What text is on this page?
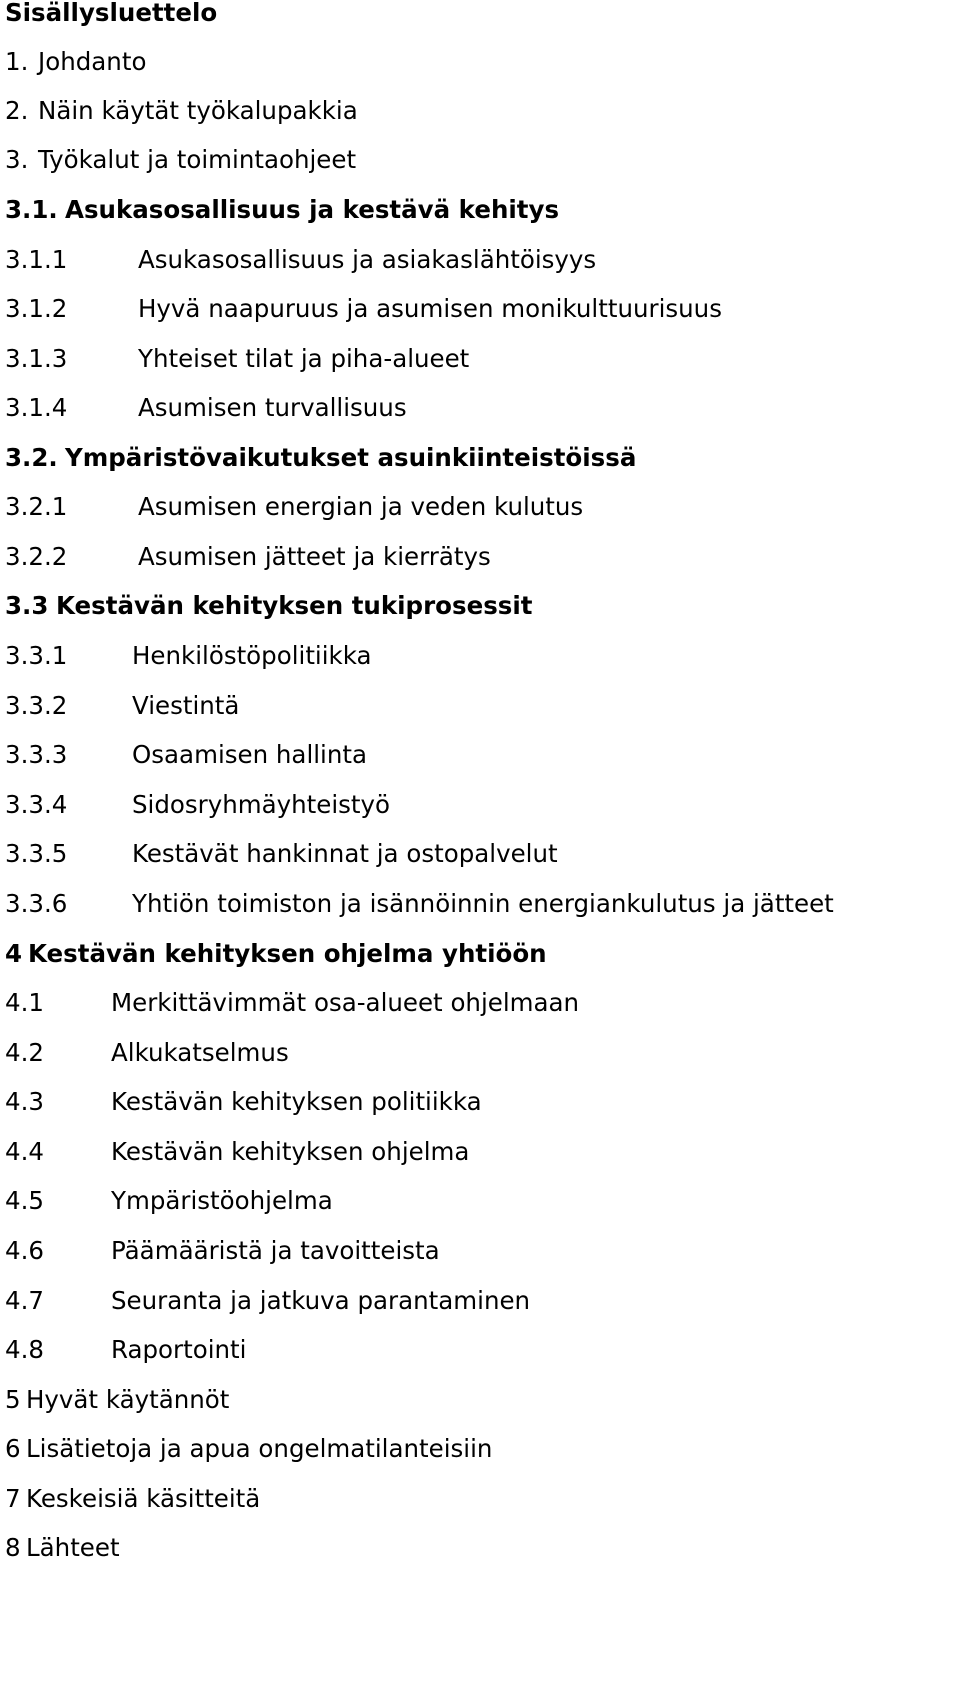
Sisällysluettelo
1. Johdanto
2. Näin käytät työkalupakkia
3. Työkalut ja toimintaohjeet
3.1. Asukasosallisuus ja kestävä kehitys
3.1.1	Asukasosallisuus ja asiakaslähtöisyys
3.1.2	Hyvä naapuruus ja asumisen monikulttuurisuus
3.1.3	Yhteiset tilat ja piha-alueet
3.1.4	Asumisen turvallisuus
3.2. Ympäristövaikutukset asuinkiinteistöissä
3.2.1	Asumisen energian ja veden kulutus
3.2.2	Asumisen jätteet ja kierrätys
3.3 Kestävän kehityksen tukiprosessit
3.3.1	Henkilöstöpolitiikka
3.3.2	Viestintä
3.3.3	Osaamisen hallinta
3.3.4	Sidosryhmäyhteistyö
3.3.5	Kestävät hankinnat ja ostopalvelut
3.3.6	Yhtiön toimiston ja isännöinnin energiankulutus ja jätteet
4 Kestävän kehityksen ohjelma yhtiöön
4.1	Merkittävimmät osa-alueet ohjelmaan
4.2	Alkukatselmus
4.3	Kestävän kehityksen politiikka
4.4	Kestävän kehityksen ohjelma
4.5	Ympäristöohjelma
4.6	Päämääristä ja tavoitteista
4.7	Seuranta ja jatkuva parantaminen
4.8	Raportointi
5 Hyvät käytännöt
6 Lisätietoja ja apua ongelmatilanteisiin
7 Keskeisiä käsitteitä
8 Lähteet
